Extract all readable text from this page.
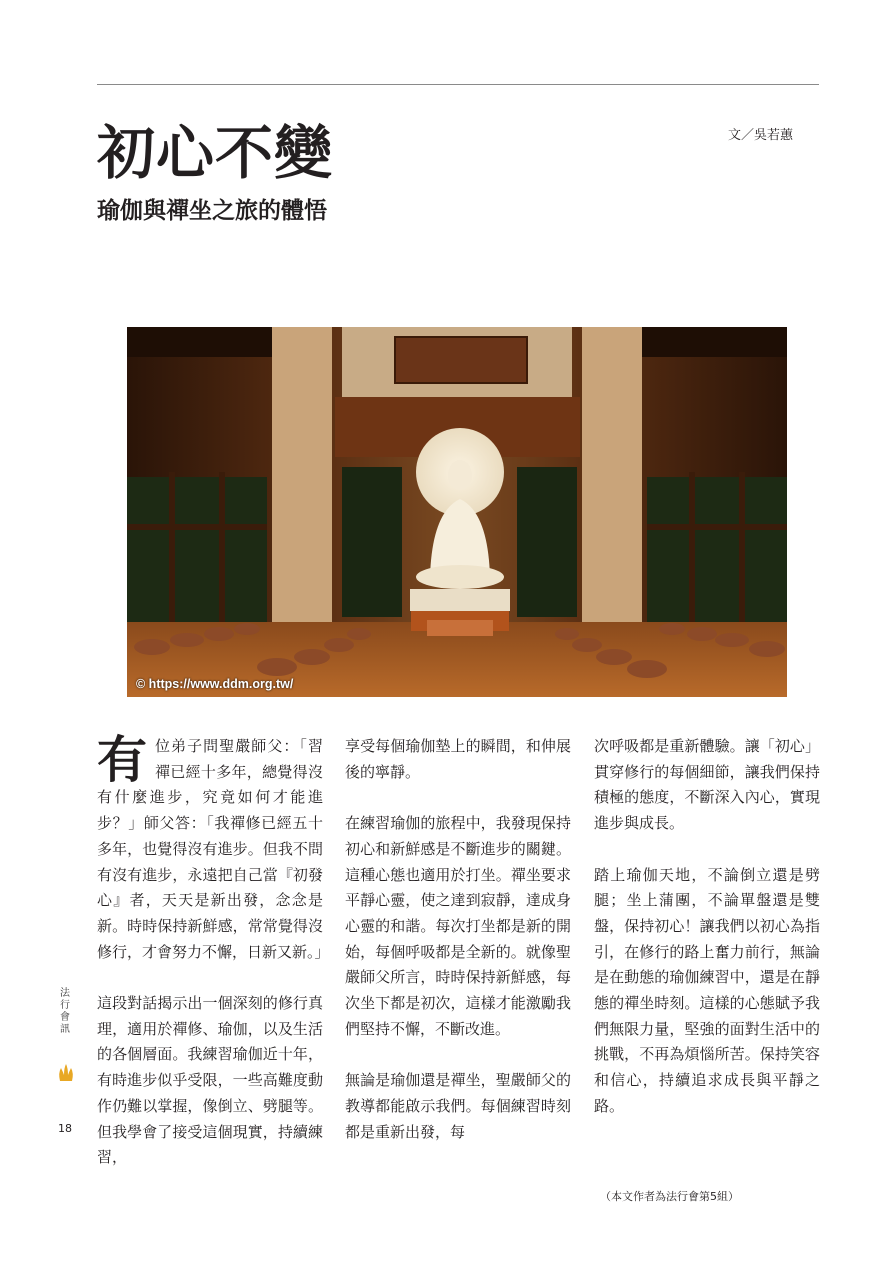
初心不變
瑜伽與禪坐之旅的體悟
文／吳若蕙
© https://www.ddm.org.tw/

有位弟子問聖嚴師父：「習禪已經十多年，總覺得沒有什麼進步，究竟如何才能進步？」師父答：「我禪修已經五十多年，也覺得沒有進步。但我不問有沒有進步，永遠把自己當『初發心』者，天天是新出發，念念是新。時時保持新鮮感，常常覺得沒修行，才會努力不懈，日新又新。」

這段對話揭示出一個深刻的修行真理，適用於禪修、瑜伽，以及生活的各個層面。我練習瑜伽近十年，有時進步似乎受限，一些高難度動作仍難以掌握，像倒立、劈腿等。但我學會了接受這個現實，持續練習，

享受每個瑜伽墊上的瞬間，和伸展後的寧靜。

在練習瑜伽的旅程中，我發現保持初心和新鮮感是不斷進步的關鍵。這種心態也適用於打坐。禪坐要求平靜心靈，使之達到寂靜，達成身心靈的和諧。每次打坐都是新的開始，每個呼吸都是全新的。就像聖嚴師父所言，時時保持新鮮感，每次坐下都是初次，這樣才能激勵我們堅持不懈，不斷改進。

無論是瑜伽還是禪坐，聖嚴師父的教導都能啟示我們。每個練習時刻都是重新出發，每

次呼吸都是重新體驗。讓「初心」貫穿修行的每個細節，讓我們保持積極的態度，不斷深入內心，實現進步與成長。

踏上瑜伽天地，不論倒立還是劈腿；坐上蒲團，不論單盤還是雙盤，保持初心！讓我們以初心為指引，在修行的路上奮力前行，無論是在動態的瑜伽練習中，還是在靜態的禪坐時刻。這樣的心態賦予我們無限力量，堅強的面對生活中的挑戰，不再為煩惱所苦。保持笑容和信心，持續追求成長與平靜之路。

（本文作者為法行會第5組）
法行會訊
18
